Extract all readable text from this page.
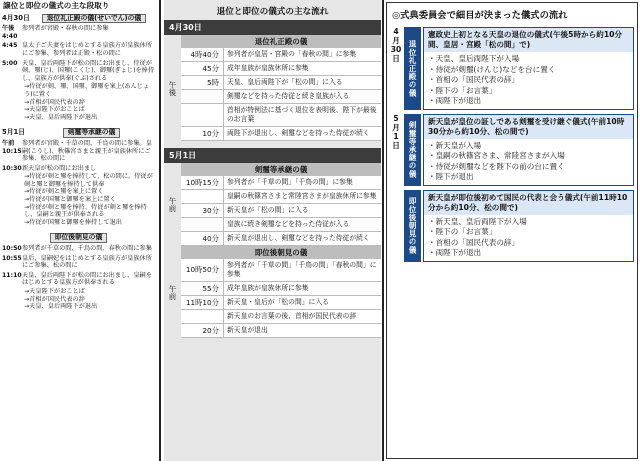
譲位と即位の儀式の主な段取り
4月30日	退位礼正殿の儀(せいでん)の儀
午後4:40
参列者が宮殿・春秋の間に参集
4:45 皇太子ご夫妻をはじめとする皇族方が皇族休所にご参集、参列者は正殿・松の間に
5:00 天皇、皇后両陛下が松の間にお出まし、侍従が剣、璽(じ)、国璽(こくじ)、御璽(ぎょじ)を捧持し、皇族方が供奉(ぐぶ)される
→侍従が剣、璽、国璽、御璽を案上(あんじょう)に置く
→首相が国民代表の辞
→天皇陛下がおことば
→天皇、皇后両陛下が退出
5月1日	剣璽等承継の儀
午前10:15
参列者が宮殿・千草の間、千鳥の間に参集。皇嗣(こうし)、秋篠宮さまと親王が皇族休所にご参集、松の間に
10:30 新天皇が松の間にお出まし
→侍従が剣と璽を捧持して、松の間に。侍従が剣と璽と御璽を捧持して供奉
→侍従が剣と璽を案上に置く
→侍従が国璽と御璽を案上に置く
→侍従が剣と璽を捧持、侍従が剣と璽を捧持し、皇嗣と親王が供奉される
→侍従が国璽と御璽を捧持して退出
即位後朝見の儀
10:50 参列者が千草の間、千鳥の間、春秋の間に参集
10:55 皇后、皇嗣妃をはじめとする皇族方が皇族休所にご参集、松の間に
11:10 天皇、皇后両陛下が松の間にお出まし、皇嗣をはじめとする皇族方が供奉される
→天皇陛下がおことば
→首相が国民代表の辞
→天皇、皇后両陛下が退出
退位と即位の儀式の主な流れ
4月30日
午後
退位礼正殿の儀
4時40分	参列者が皇居・宮殿の「春秋の間」に参集
45分	成年皇族が皇族休所に参集
5時	天皇、皇后両陛下が「松の間」に入る
剣璽などを持った侍従と続き皇族が入る
首相が特例法に基づく退位を表明後、陛下が最後のお言葉
10分	両陛下が退出し、剣璽などを持った侍従が続く
5月1日
午前
剣璽等承継の儀
10時15分	参列者が「千草の間」「千鳥の間」に参集
皇嗣の秋篠宮さまと常陸宮さまが皇族休所に参集
30分	新天皇が「松の間」に入る
皇族に続き剣璽などを持った侍従が入る
40分	新天皇が退出し、剣璽などを持った侍従が続く
午前
即位後朝見の儀
10時50分	参列者が「千草の間」「千鳥の間」「春秋の間」に参集
55分	成年皇族が皇族休所に参集
11時10分	新天皇・皇后が「松の間」に入る
新天皇のお言葉の後、首相が国民代表の辞
20分	新天皇が退出
◎式典委員会で細目が決まった儀式の流れ
4
月
30
日	退位礼正殿の儀
憲政史上初となる天皇の退位の儀式(午後5時から約10分間、皇居・宮殿「松の間」で)
・天皇、皇后両陛下が入場
・侍従が剣璽(けんじ)などを台に置く
・首相の「国民代表の辞」
・陛下の「お言葉」
・両陛下が退出
5
月
1
日	剣璽等承継の儀
新天皇が皇位の証しである剣璽を受け継ぐ儀式(午前10時30分から約10分、松の間で)
・新天皇が入場
・皇嗣の秋篠宮さま、常陸宮さまが入場
・侍従が剣璽などを陛下の前の台に置く
・陛下が退出
即位後朝見の儀
新天皇が即位後初めて国民の代表と会う儀式(午前11時10分から約10分、松の間で)
・新天皇、皇后両陛下が入場
・陛下の「お言葉」
・首相の「国民代表の辞」
・両陛下が退出
